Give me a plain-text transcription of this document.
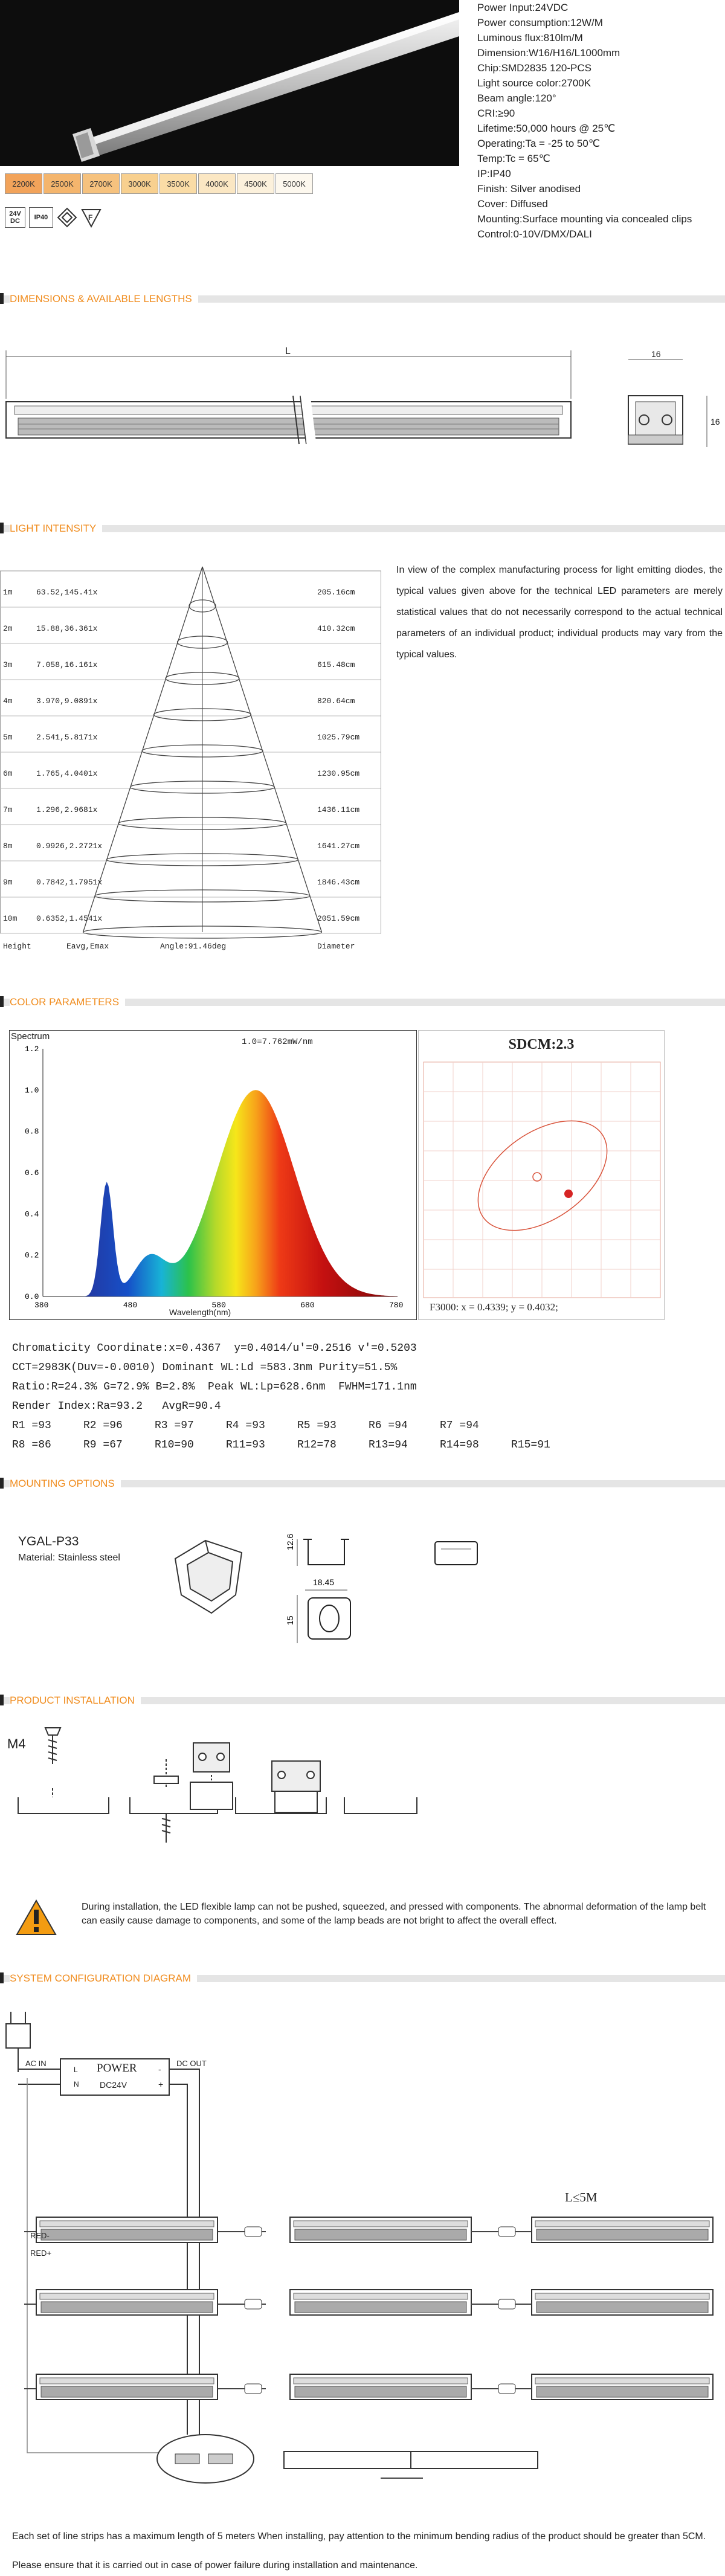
Power Input:24VDC
Power consumption:12W/M
Luminous flux:810lm/M
Dimension:W16/H16/L1000mm
Chip:SMD2835 120-PCS
Light source color:2700K
Beam angle:120°
CRI:≥90
Lifetime:50,000 hours @ 25℃
Operating:Ta = -25 to 50℃
Temp:Tc = 65℃
IP:IP40
Finish: Silver anodised
Cover: Diffused
Mounting:Surface mounting via concealed clips
Control:0-10V/DMX/DALI
2200K	2500K	2700K	3000K	3500K	4000K	4500K	5000K
24V DC	IP40	F
DIMENSIONS & AVAILABLE LENGTHS
L	16
16
LIGHT INTENSITY
1m	63.52,145.41x	205.16cm
2m	15.88,36.361x	410.32cm
3m	7.058,16.161x	615.48cm
4m	3.970,9.0891x	820.64cm
5m	2.541,5.8171x	1025.79cm
6m	1.765,4.0401x	1230.95cm
7m	1.296,2.9681x	1436.11cm
8m	0.9926,2.2721x	1641.27cm
9m	0.7842,1.7951x	1846.43cm
10m 0.6352,1.4541x	2051.59cm
Height	Eavg,Emax	Angle:91.46deg	Diameter
In view of the complex manufacturing process for light emitting diodes, the typical values given above for the technical LED parameters are merely statistical values that do not necessarily correspond to the actual technical parameters of an individual product; individual products may vary from the typical values.
COLOR PARAMETERS
1.2
1.0
0.8
0.6
0.4
0.2
0.0
380	480	580	680	780
Spectrum
1.0=7.762mW/nm
Wavelength(nm)
SDCM:2.3
F3000: x = 0.4339; y = 0.4032;
Chromaticity Coordinate:x=0.4367  y=0.4014/u'=0.2516 v'=0.5203
CCT=2983K(Duv=-0.0010) Dominant WL:Ld =583.3nm Purity=51.5%
Ratio:R=24.3% G=72.9% B=2.8%  Peak WL:Lp=628.6nm  FWHM=171.1nm
Render Index:Ra=93.2   AvgR=90.4
R1 =93	R2 =96	R3 =97	R4 =93	R5 =93	R6 =94	R7 =94
R8 =86	R9 =67	R10=90	R11=93	R12=78	R13=94	R14=98	R15=91
MOUNTING OPTIONS
YGAL-P33
Material: Stainless steel
12.6
18.45
15
PRODUCT INSTALLATION
M4
During installation, the LED flexible lamp can not be pushed, squeezed, and pressed with components. The abnormal deformation of the lamp belt can easily cause damage to components, and some of the lamp beads are not bright to affect the overall effect.
SYSTEM CONFIGURATION DIAGRAM
AC IN	DC OUT
POWER
DC24V
L
N
-
+
RED-
RED+
L≤5M
Each set of line strips has a maximum length of 5 meters When installing, pay attention to the minimum bending radius of the product should be greater than 5CM.
Please ensure that it is carried out in case of power failure during installation and maintenance.
